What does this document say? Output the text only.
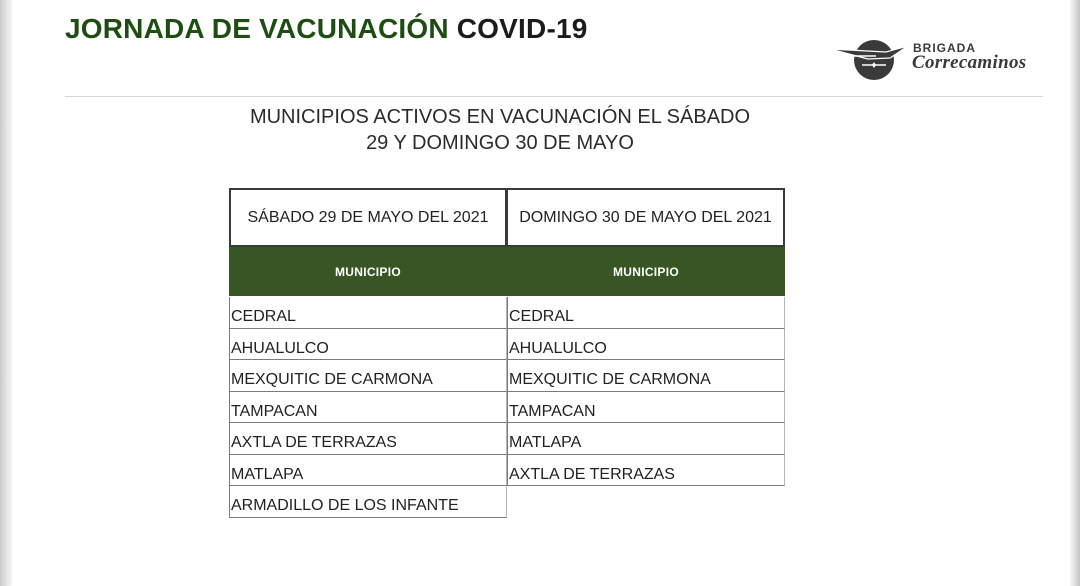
JORNADA DE VACUNACIÓN COVID-19
BRIGADA
Correcaminos
MUNICIPIOS ACTIVOS EN VACUNACIÓN EL SÁBADO
29 Y DOMINGO 30 DE MAYO
SÁBADO 29 DE MAYO DEL 2021
MUNICIPIO
CEDRAL
AHUALULCO
MEXQUITIC DE CARMONA
TAMPACAN
AXTLA DE TERRAZAS
MATLAPA
ARMADILLO DE LOS INFANTE
DOMINGO 30 DE MAYO DEL 2021
MUNICIPIO
CEDRAL
AHUALULCO
MEXQUITIC DE CARMONA
TAMPACAN
MATLAPA
AXTLA DE TERRAZAS
